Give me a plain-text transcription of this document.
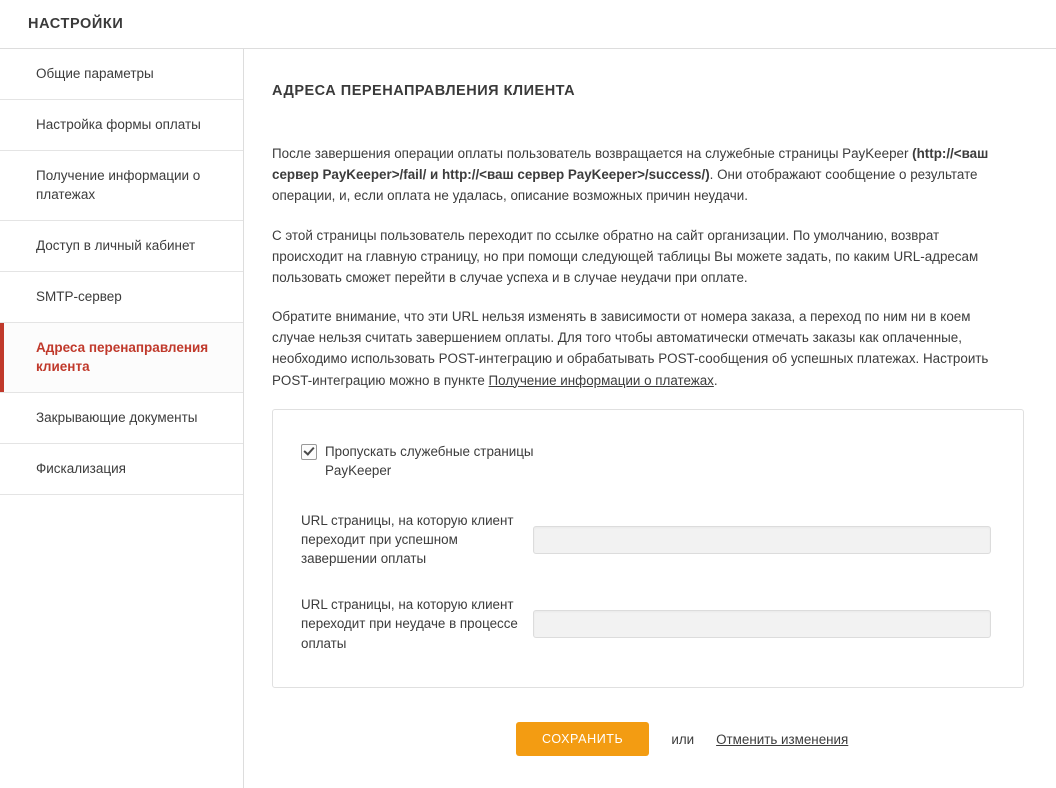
НАСТРОЙКИ
Общие параметры
Настройка формы оплаты
Получение информации о платежах
Доступ в личный кабинет
SMTP-сервер
Адреса перенаправления клиента
Закрывающие документы
Фискализация
АДРЕСА ПЕРЕНАПРАВЛЕНИЯ КЛИЕНТА

После завершения операции оплаты пользователь возвращается на служебные страницы PayKeeper (http://<ваш сервер PayKeeper>/fail/ и http://<ваш сервер PayKeeper>/success/). Они отображают сообщение о результате операции, и, если оплата не удалась, описание возможных причин неудачи.

С этой страницы пользователь переходит по ссылке обратно на сайт организации. По умолчанию, возврат происходит на главную страницу, но при помощи следующей таблицы Вы можете задать, по каким URL-адресам пользовать сможет перейти в случае успеха и в случае неудачи при оплате.

Обратите внимание, что эти URL нельзя изменять в зависимости от номера заказа, а переход по ним ни в коем случае нельзя считать завершением оплаты. Для того чтобы автоматически отмечать заказы как оплаченные, необходимо использовать POST-интеграцию и обрабатывать POST-сообщения об успешных платежах. Настроить POST-интеграцию можно в пункте Получение информации о платежах.

Пропускать служебные страницы PayKeeper
URL страницы, на которую клиент переходит при успешном завершении оплаты
URL страницы, на которую клиент переходит при неудаче в процессе оплаты
СОХРАНИТЬ	или Отменить изменения
